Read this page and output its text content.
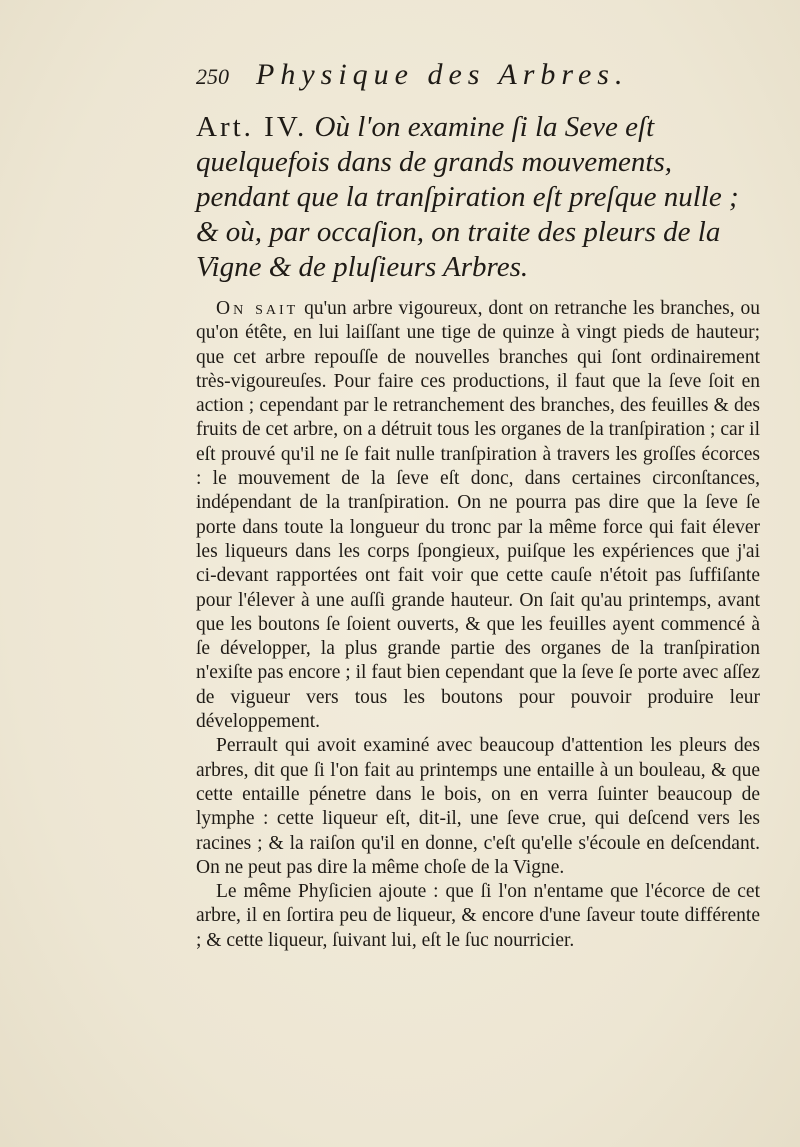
250 Physique des Arbres.
Art. IV. Où l'on examine ſi la Seve eſt quelquefois dans de grands mouvements, pendant que la tranſpiration eſt preſque nulle ; & où, par occaſion, on traite des pleurs de la Vigne & de pluſieurs Arbres.

On sait qu'un arbre vigoureux, dont on retranche les branches, ou qu'on étête, en lui laiſſant une tige de quinze à vingt pieds de hauteur; que cet arbre repouſſe de nouvelles branches qui ſont ordinairement très-vigoureuſes. Pour faire ces productions, il faut que la ſeve ſoit en action ; cependant par le retranchement des branches, des feuilles & des fruits de cet arbre, on a détruit tous les organes de la tranſpiration ; car il eſt prouvé qu'il ne ſe fait nulle tranſpiration à travers les groſſes écorces : le mouvement de la ſeve eſt donc, dans certaines circonſtances, indépendant de la tranſpiration. On ne pourra pas dire que la ſeve ſe porte dans toute la longueur du tronc par la même force qui fait élever les liqueurs dans les corps ſpongieux, puiſque les expériences que j'ai ci-devant rapportées ont fait voir que cette cauſe n'étoit pas ſuffiſante pour l'élever à une auſſi grande hauteur. On ſait qu'au printemps, avant que les boutons ſe ſoient ouverts, & que les feuilles ayent commencé à ſe développer, la plus grande partie des organes de la tranſpiration n'exiſte pas encore ; il faut bien cependant que la ſeve ſe porte avec aſſez de vigueur vers tous les boutons pour pouvoir produire leur développement.

Perrault qui avoit examiné avec beaucoup d'attention les pleurs des arbres, dit que ſi l'on fait au printemps une entaille à un bouleau, & que cette entaille pénetre dans le bois, on en verra ſuinter beaucoup de lymphe : cette liqueur eſt, dit-il, une ſeve crue, qui deſcend vers les racines ; & la raiſon qu'il en donne, c'eſt qu'elle s'écoule en deſcendant. On ne peut pas dire la même choſe de la Vigne.

Le même Phyſicien ajoute : que ſi l'on n'entame que l'écorce de cet arbre, il en ſortira peu de liqueur, & encore d'une ſaveur toute différente ; & cette liqueur, ſuivant lui, eſt le ſuc nourricier.
